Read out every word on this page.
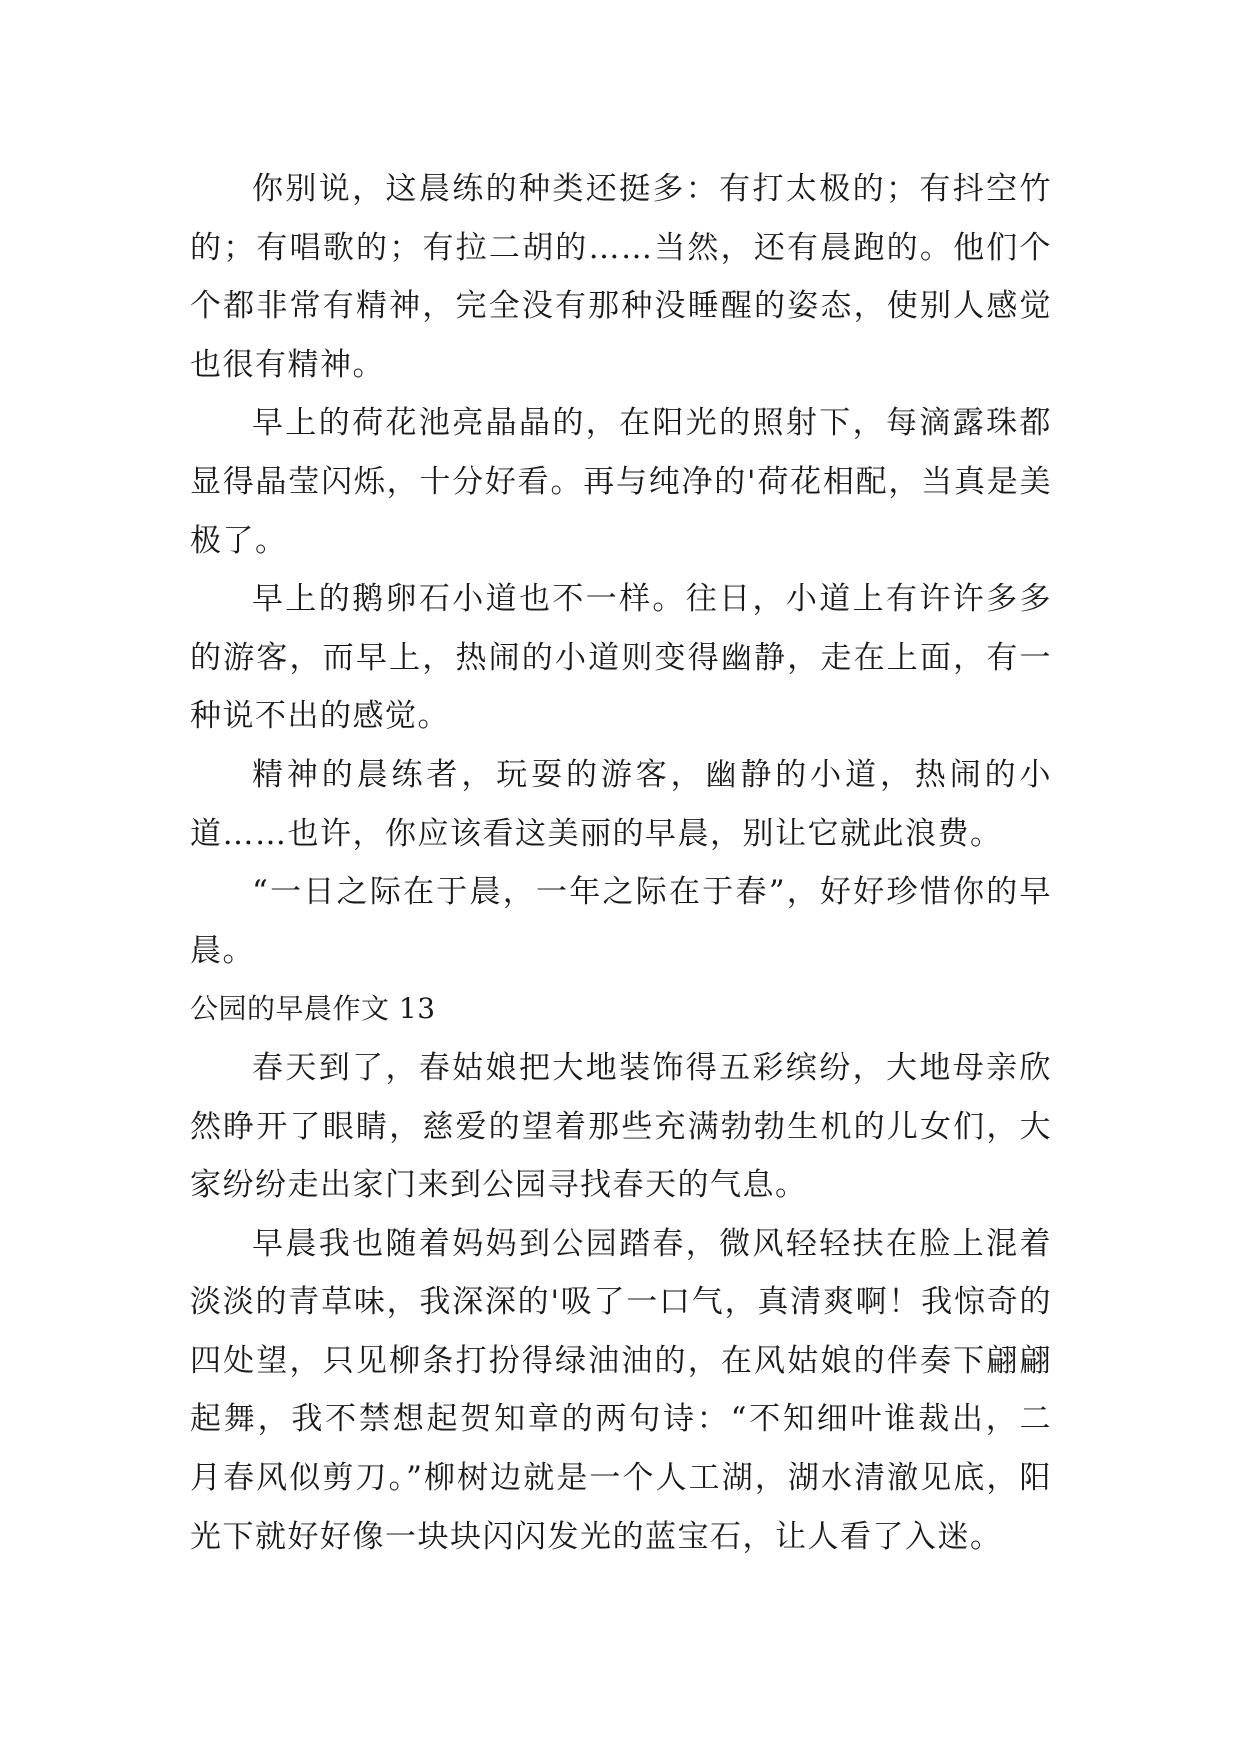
你别说，这晨练的种类还挺多：有打太极的；有抖空竹的；有唱歌的；有拉二胡的……当然，还有晨跑的。他们个个都非常有精神，完全没有那种没睡醒的姿态，使别人感觉也很有精神。

早上的荷花池亮晶晶的，在阳光的照射下，每滴露珠都显得晶莹闪烁，十分好看。再与纯净的'荷花相配，当真是美极了。

早上的鹅卵石小道也不一样。往日，小道上有许许多多的游客，而早上，热闹的小道则变得幽静，走在上面，有一种说不出的感觉。

精神的晨练者，玩耍的游客，幽静的小道，热闹的小道……也许，你应该看这美丽的早晨，别让它就此浪费。

“一日之际在于晨，一年之际在于春”，好好珍惜你的早晨。

公园的早晨作文 13

春天到了，春姑娘把大地装饰得五彩缤纷，大地母亲欣然睁开了眼睛，慈爱的望着那些充满勃勃生机的儿女们，大家纷纷走出家门来到公园寻找春天的气息。

早晨我也随着妈妈到公园踏春，微风轻轻扶在脸上混着淡淡的青草味，我深深的'吸了一口气，真清爽啊！我惊奇的四处望，只见柳条打扮得绿油油的，在风姑娘的伴奏下翩翩起舞，我不禁想起贺知章的两句诗：“不知细叶谁裁出，二月春风似剪刀。”柳树边就是一个人工湖，湖水清澈见底，阳光下就好好像一块块闪闪发光的蓝宝石，让人看了入迷。
